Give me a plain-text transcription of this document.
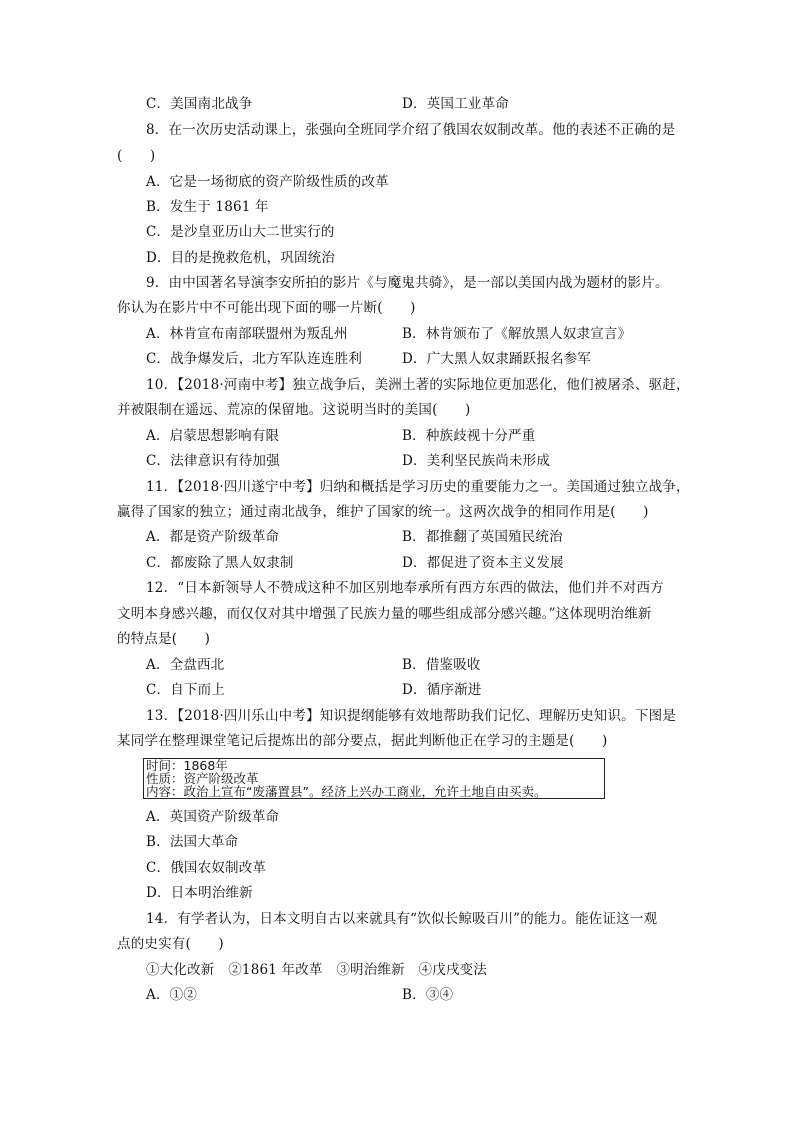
C．美国南北战争	D．英国工业革命
8．在一次历史活动课上，张强向全班同学介绍了俄国农奴制改革。他的表述不正确的是
(　　)
A．它是一场彻底的资产阶级性质的改革
B．发生于 1861 年
C．是沙皇亚历山大二世实行的
D．目的是挽救危机，巩固统治
9．由中国著名导演李安所拍的影片《与魔鬼共骑》，是一部以美国内战为题材的影片。
你认为在影片中不可能出现下面的哪一片断(　　)
A．林肯宣布南部联盟州为叛乱州	B．林肯颁布了《解放黑人奴隶宣言》
C．战争爆发后，北方军队连连胜利	D．广大黑人奴隶踊跃报名参军
10．【2018·河南中考】独立战争后，美洲土著的实际地位更加恶化，他们被屠杀、驱赶，
并被限制在遥远、荒凉的保留地。这说明当时的美国(　　)
A．启蒙思想影响有限	B．种族歧视十分严重
C．法律意识有待加强	D．美利坚民族尚未形成
11．【2018·四川遂宁中考】归纳和概括是学习历史的重要能力之一。美国通过独立战争，
赢得了国家的独立；通过南北战争，维护了国家的统一。这两次战争的相同作用是(　　)
A．都是资产阶级革命	B．都推翻了英国殖民统治
C．都废除了黑人奴隶制	D．都促进了资本主义发展
12．“日本新领导人不赞成这种不加区别地奉承所有西方东西的做法，他们并不对西方
文明本身感兴趣，而仅仅对其中增强了民族力量的哪些组成部分感兴趣。”这体现明治维新
的特点是(　　)
A．全盘西北	B．借鉴吸收
C．自下而上	D．循序渐进
13．【2018·四川乐山中考】知识提纲能够有效地帮助我们记忆、理解历史知识。下图是
某同学在整理课堂笔记后提炼出的部分要点，据此判断他正在学习的主题是(　　)
时间：1868年
性质：资产阶级改革
内容：政治上宣布“废藩置县”。经济上兴办工商业，允许土地自由买卖。
A．英国资产阶级革命
B．法国大革命
C．俄国农奴制改革
D．日本明治维新
14．有学者认为，日本文明自古以来就具有“饮似长鲸吸百川”的能力。能佐证这一观
点的史实有(　　)
①大化改新　②1861 年改革　③明治维新　④戊戌变法
A．①②	B．③④
